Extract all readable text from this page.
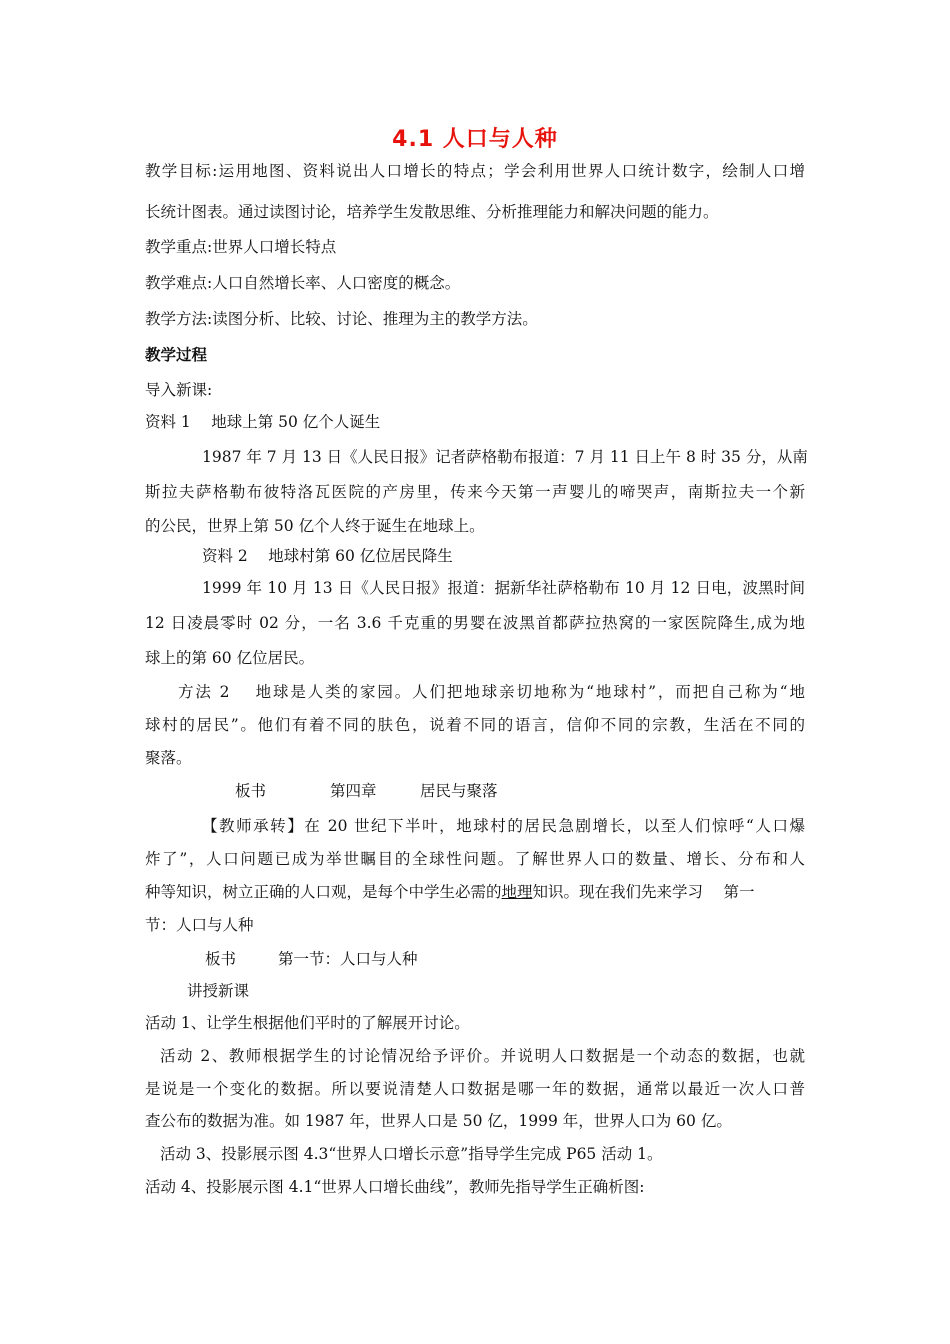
4.1 人口与人种
教学目标:运用地图、资料说出人口增长的特点；学会利用世界人口统计数字，绘制人口增
长统计图表。通过读图讨论，培养学生发散思维、分析推理能力和解决问题的能力。
教学重点:世界人口增长特点
教学难点:人口自然增长率、人口密度的概念。
教学方法:读图分析、比较、讨论、推理为主的教学方法。
教学过程
导入新课:
资料 1　 地球上第 50 亿个人诞生
1987 年 7 月 13 日《人民日报》记者萨格勒布报道：7 月 11 日上午 8 时 35 分，从南
斯拉夫萨格勒布彼特洛瓦医院的产房里，传来今天第一声婴儿的啼哭声，南斯拉夫一个新
的公民，世界上第 50 亿个人终于诞生在地球上。
资料 2　 地球村第 60 亿位居民降生
1999 年 10 月 13 日《人民日报》报道：据新华社萨格勒布 10 月 12 日电，波黑时间
12 日凌晨零时 02 分，一名 3.6 千克重的男婴在波黑首都萨拉热窝的一家医院降生,成为地
球上的第 60 亿位居民。
方法 2　 地球是人类的家园。人们把地球亲切地称为“地球村”，而把自己称为“地
球村的居民”。他们有着不同的肤色，说着不同的语言，信仰不同的宗教，生活在不同的
聚落。
板书	第四章	居民与聚落
【教师承转】在 20 世纪下半叶，地球村的居民急剧增长，以至人们惊呼“人口爆
炸了”，人口问题已成为举世瞩目的全球性问题。了解世界人口的数量、增长、分布和人
种等知识，树立正确的人口观，是每个中学生必需的地理知识。现在我们先来学习　 第一
节：人口与人种
板书	第一节：人口与人种
讲授新课
活动 1、让学生根据他们平时的了解展开讨论。
活动 2、教师根据学生的讨论情况给予评价。并说明人口数据是一个动态的数据，也就
是说是一个变化的数据。所以要说清楚人口数据是哪一年的数据，通常以最近一次人口普
查公布的数据为准。如 1987 年，世界人口是 50 亿，1999 年，世界人口为 60 亿。
活动 3、投影展示图 4.3“世界人口增长示意”指导学生完成 P65 活动 1。
活动 4、投影展示图 4.1“世界人口增长曲线”，教师先指导学生正确析图:
